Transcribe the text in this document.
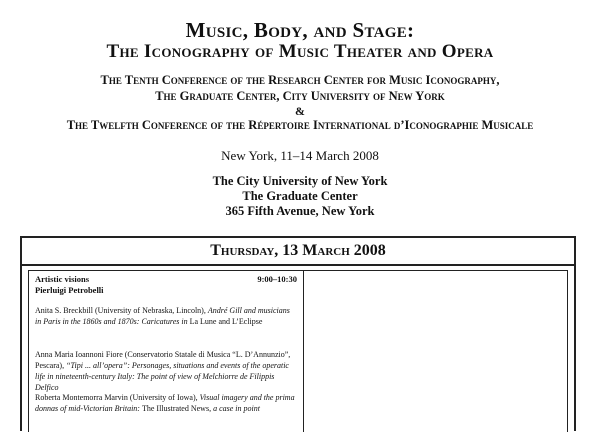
Music, Body, and Stage:
The Iconography of Music Theater and Opera
The Tenth Conference of the Research Center for Music Iconography,
The Graduate Center, City University of New York
&
The Twelfth Conference of the Répertoire International d’Iconographie Musicale
New York, 11–14 March 2008
The City University of New York
The Graduate Center
365 Fifth Avenue, New York
Thursday, 13 March 2008
Artistic visions	9:00–10:30
Pierluigi Petrobelli
Anita S. Breckbill (University of Nebraska, Lincoln), André Gill and musicians in Paris in the 1860s and 1870s: Caricatures in La Lune and L’Eclipse
Anna Maria Ioannoni Fiore (Conservatorio Statale di Musica “L. D’Annunzio”, Pescara), “Tipi ... all’opera”: Personages, situations and events of the operatic life in nineteenth-century Italy: The point of view of Melchiorre de Filippis Delfico
Roberta Montemorra Marvin (University of Iowa), Visual imagery and the prima donnas of mid-Victorian Britain: The Illustrated News, a case in point
